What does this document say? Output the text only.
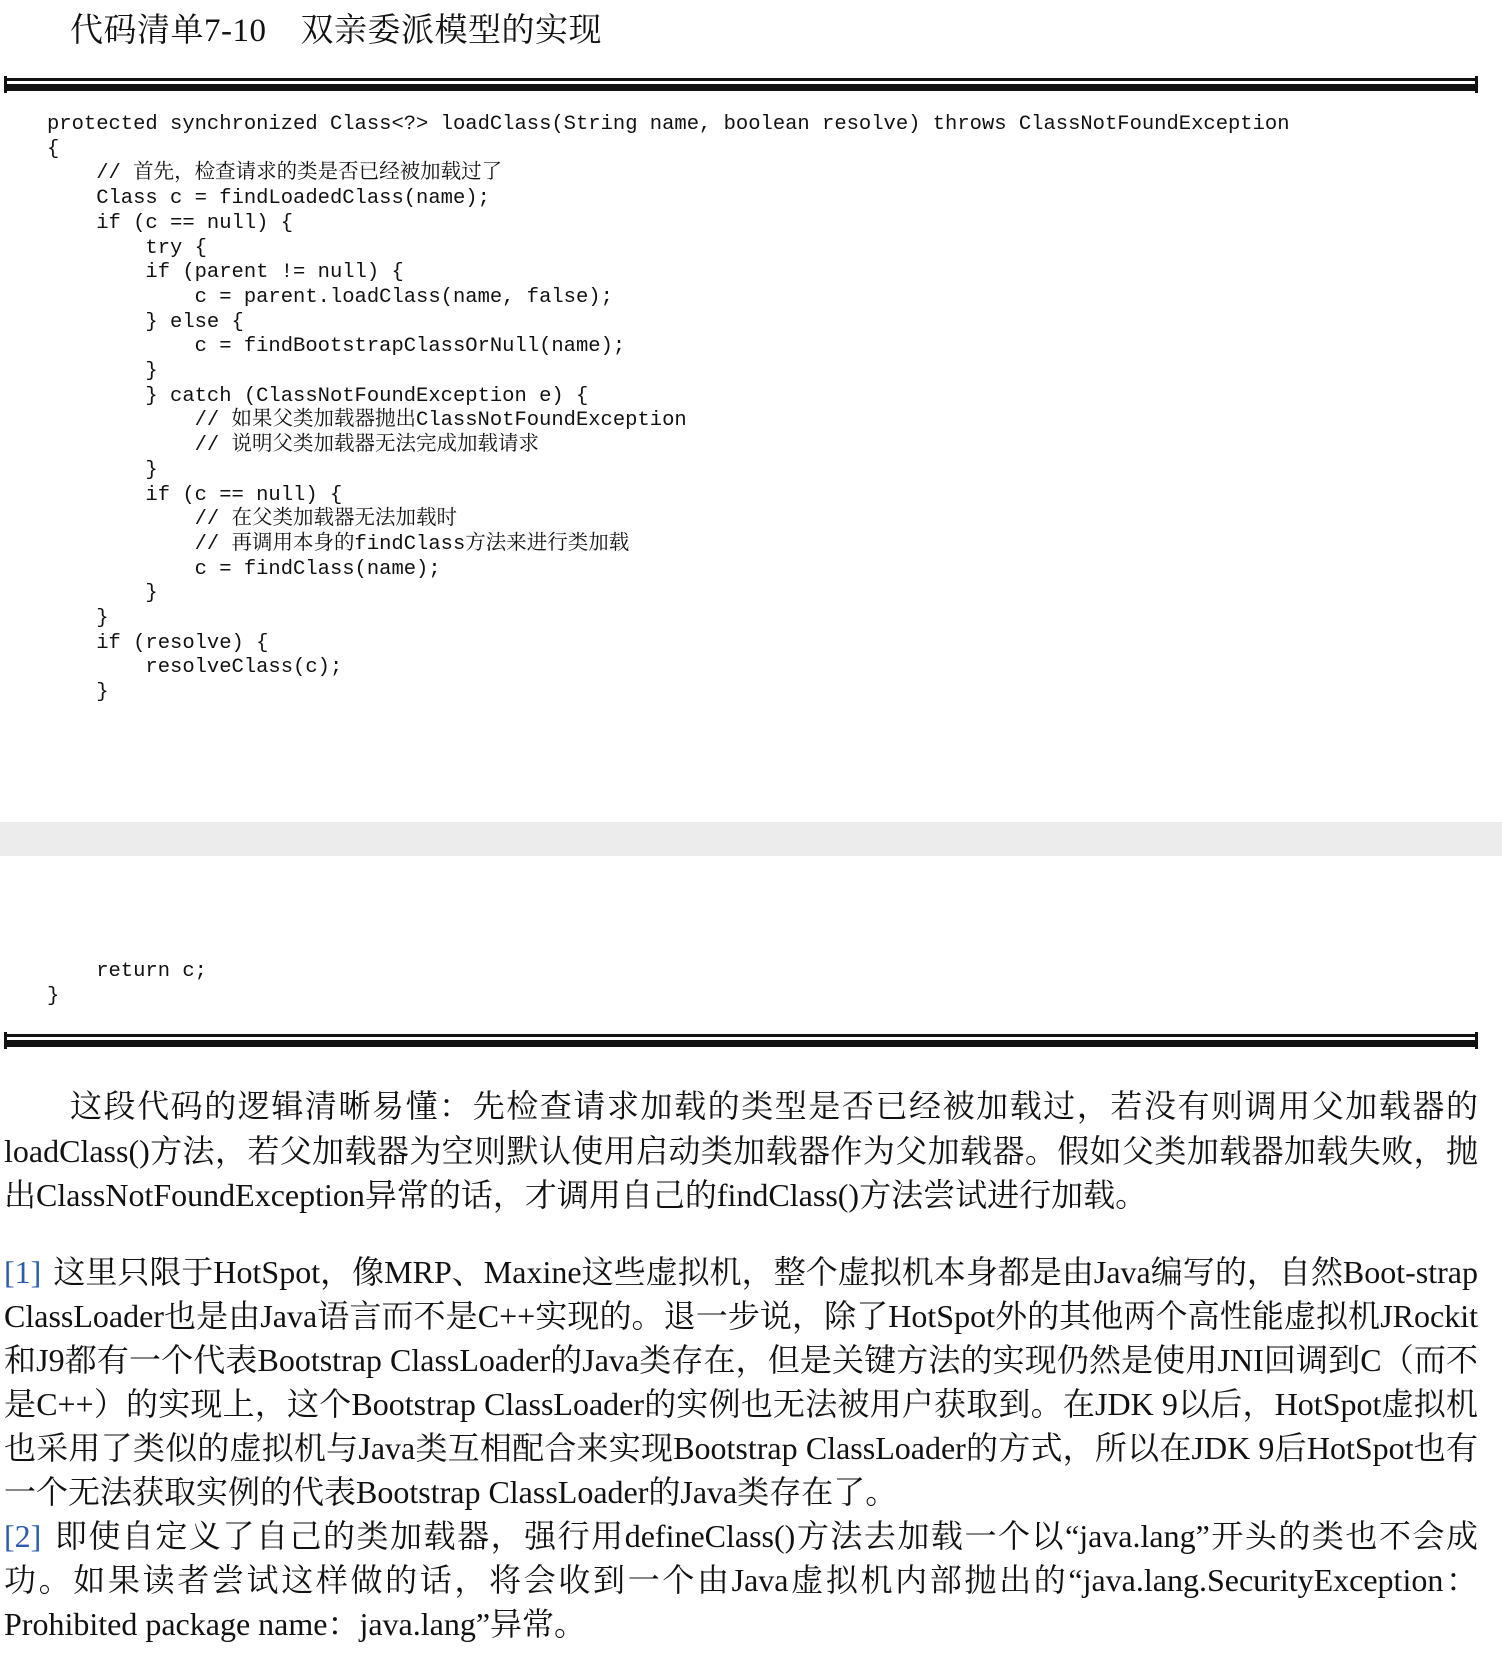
代码清单7-10 双亲委派模型的实现
protected synchronized Class<?> loadClass(String name, boolean resolve) throws ClassNotFoundException
{
// 首先，检查请求的类是否已经被加载过了
Class c = findLoadedClass(name);
if (c == null) {
try {
if (parent != null) {
c = parent.loadClass(name, false);
} else {
c = findBootstrapClassOrNull(name);
}
} catch (ClassNotFoundException e) {
// 如果父类加载器抛出ClassNotFoundException
// 说明父类加载器无法完成加载请求
}
if (c == null) {
// 在父类加载器无法加载时
// 再调用本身的findClass方法来进行类加载
c = findClass(name);
}
}
if (resolve) {
resolveClass(c);
}
return c;
}

这段代码的逻辑清晰易懂：先检查请求加载的类型是否已经被加载过，若没有则调用父加载器的loadClass()方法，若父加载器为空则默认使用启动类加载器作为父加载器。假如父类加载器加载失败，抛出ClassNotFoundException异常的话，才调用自己的findClass()方法尝试进行加载。

[1] 这里只限于HotSpot，像MRP、Maxine这些虚拟机，整个虚拟机本身都是由Java编写的，自然Boot-strap ClassLoader也是由Java语言而不是C++实现的。退一步说，除了HotSpot外的其他两个高性能虚拟机JRockit和J9都有一个代表Bootstrap ClassLoader的Java类存在，但是关键方法的实现仍然是使用JNI回调到C（而不是C++）的实现上，这个Bootstrap ClassLoader的实例也无法被用户获取到。在JDK 9以后，HotSpot虚拟机也采用了类似的虚拟机与Java类互相配合来实现Bootstrap ClassLoader的方式，所以在JDK 9后HotSpot也有一个无法获取实例的代表Bootstrap ClassLoader的Java类存在了。

[2] 即使自定义了自己的类加载器，强行用defineClass()方法去加载一个以“java.lang”开头的类也不会成功。如果读者尝试这样做的话，将会收到一个由Java虚拟机内部抛出的“java.lang.SecurityException：Prohibited package name：java.lang”异常。
